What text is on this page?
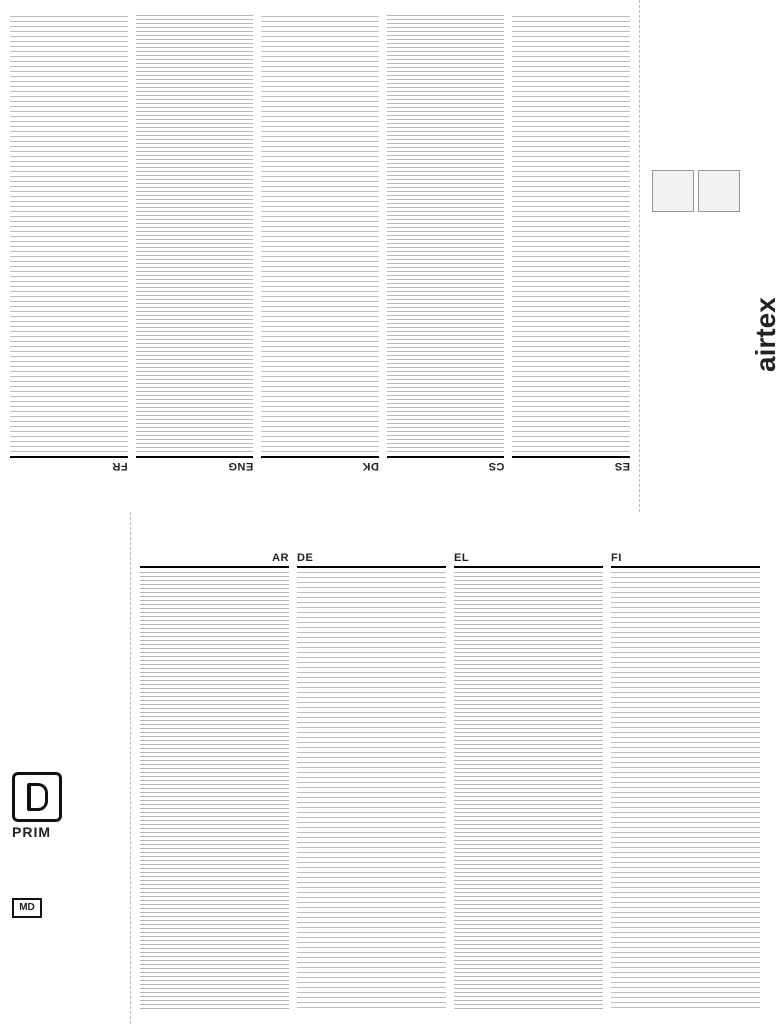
airtex
ES
CS
DK
ENG
FR
PRIM
MD
AR DE	EL	FI
